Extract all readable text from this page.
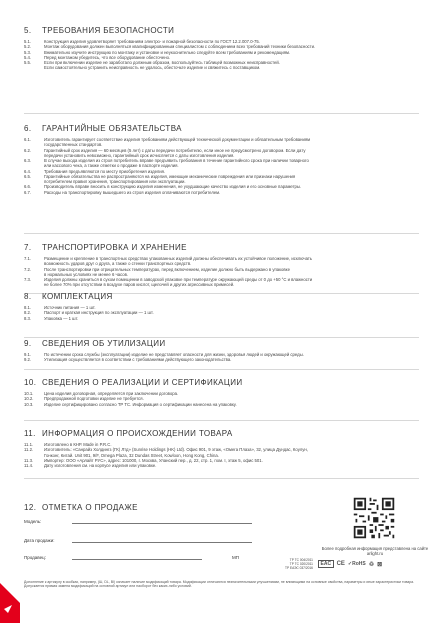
5.	ТРЕБОВАНИЯ БЕЗОПАСНОСТИ
5.1.	Конструкция изделия удовлетворяет требованиям электро- и пожарной безопасности по ГОСТ 12.2.007.0-75.
5.2.	Монтаж оборудования должен выполняться квалифицированным специалистом с соблюдением всех требований техники безопасности.
5.3.	Внимательно изучите инструкцию по монтажу и установке и неукоснительно следуйте всем требованиям и рекомендациям.
5.4.	Перед монтажом убедитесь, что все оборудование обесточено.
5.5.	Если при включении изделие не заработало должным образом, воспользуйтесь таблицей возможных неисправностей.
Если самостоятельно устранить неисправность не удалось, обесточьте изделие и свяжитесь с поставщиком.
6.	ГАРАНТИЙНЫЕ ОБЯЗАТЕЛЬСТВА
6.1.	Изготовитель гарантирует соответствие изделия требованиям действующей технической документации и обязательным требованиям
государственных стандартов.
6.2.	Гарантийный срок изделия — 60 месяцев (5 лет) с даты передачи потребителю, если иное не предусмотрено договором. Если дату
передачи установить невозможно, гарантийный срок исчисляется с даты изготовления изделия.
6.3.	В случае выхода изделия из строя потребитель вправе предъявить требования в течение гарантийного срока при наличии товарного
или кассового чека, а также отметки о продаже в паспорте изделия.
6.4.	Требования предъявляются по месту приобретения изделия.
6.5.	Гарантийные обязательства не распространяются на изделия, имеющие механические повреждения или признаки нарушения
потребителем правил хранения, транспортирования или эксплуатации.
6.6.	Производитель вправе вносить в конструкцию изделия изменения, не ухудшающие качество изделия и его основные параметры.
6.7.	Расходы на транспортировку вышедшего из строя изделия оплачиваются потребителем.
7.	ТРАНСПОРТИРОВКА И ХРАНЕНИЕ
7.1.	Размещение и крепление в транспортных средствах упакованных изделий должны обеспечивать их устойчивое положение, исключать
возможность ударов друг о друга, а также о стенки транспортных средств.
7.2.	После транспортировки при отрицательных температурах, перед включением, изделие должно быть выдержано в упаковке
в нормальных условиях не менее 6 часов.
7.3.	Изделия должны храниться в сухом помещении в заводской упаковке при температуре окружающей среды от 0 до +50 °C и влажности
не более 70% при отсутствии в воздухе паров кислот, щелочей и других агрессивных примесей.
8.	КОМПЛЕКТАЦИЯ
8.1.	Источник питания — 1 шт.
8.2.	Паспорт и краткая инструкция по эксплуатации — 1 шт.
8.3.	Упаковка — 1 шт.
9.	СВЕДЕНИЯ ОБ УТИЛИЗАЦИИ
9.1.	По истечении срока службы (эксплуатации) изделие не представляет опасности для жизни, здоровья людей и окружающей среды.
9.2.	Утилизация осуществляется в соответствии с требованиями действующего законодательства.
10. СВЕДЕНИЯ О РЕАЛИЗАЦИИ И СЕРТИФИКАЦИИ
10.1.	Цена изделия договорная, определяется при заключении договора.
10.2.	Предпродажной подготовки изделие не требуется.
10.3.	Изделие сертифицировано согласно ТР ТС. Информация о сертификации нанесена на упаковку.
11. ИНФОРМАЦИЯ О ПРОИСХОЖДЕНИИ ТОВАРА
11.1.	Изготовлено в КНР. Made in P.R.C.
11.2.	Изготовитель: «Санрайз Холдингз (ГК) Лтд» (Sunrise Holdings (HK) Ltd). Офис 901, 9 этаж, «Омега Плаза», 32, улица Дундас, Коулун,
Гонконг, Китай. Unit 901, 9/F, Omega Plaza, 32 Dundas Street, Kowloon, Hong Kong, China.
11.3.	Импортер: ООО «Арлайт РУС», адрес: 101000, г. Москва, Уланский пер., д. 22, стр. 1, пом. I, этаж 5, офис 501.
11.4.	Дату изготовления см. на корпусе изделия или упаковке.
12. ОТМЕТКА О ПРОДАЖЕ
Модель:
Дата продажи:
Продавец:	МП
Более подробная информация представлена на сайте arlight.ru
ТР ТС 004/2011
ТР ТС 020/2011
ТР ЕАЭС 037/2016
EAC CE ✓RoHS ♲ ⊠
Дополнение к артикулу в скобках, например, (Ш, DL, Bl) означает наличие модификаций товара. Модификации отличаются незначительными улучшениями, не влияющими на основные свойства, параметры и иные характеристики товара. Допускается прямая замена модификаций на основной артикул или наоборот без каких-либо условий.
